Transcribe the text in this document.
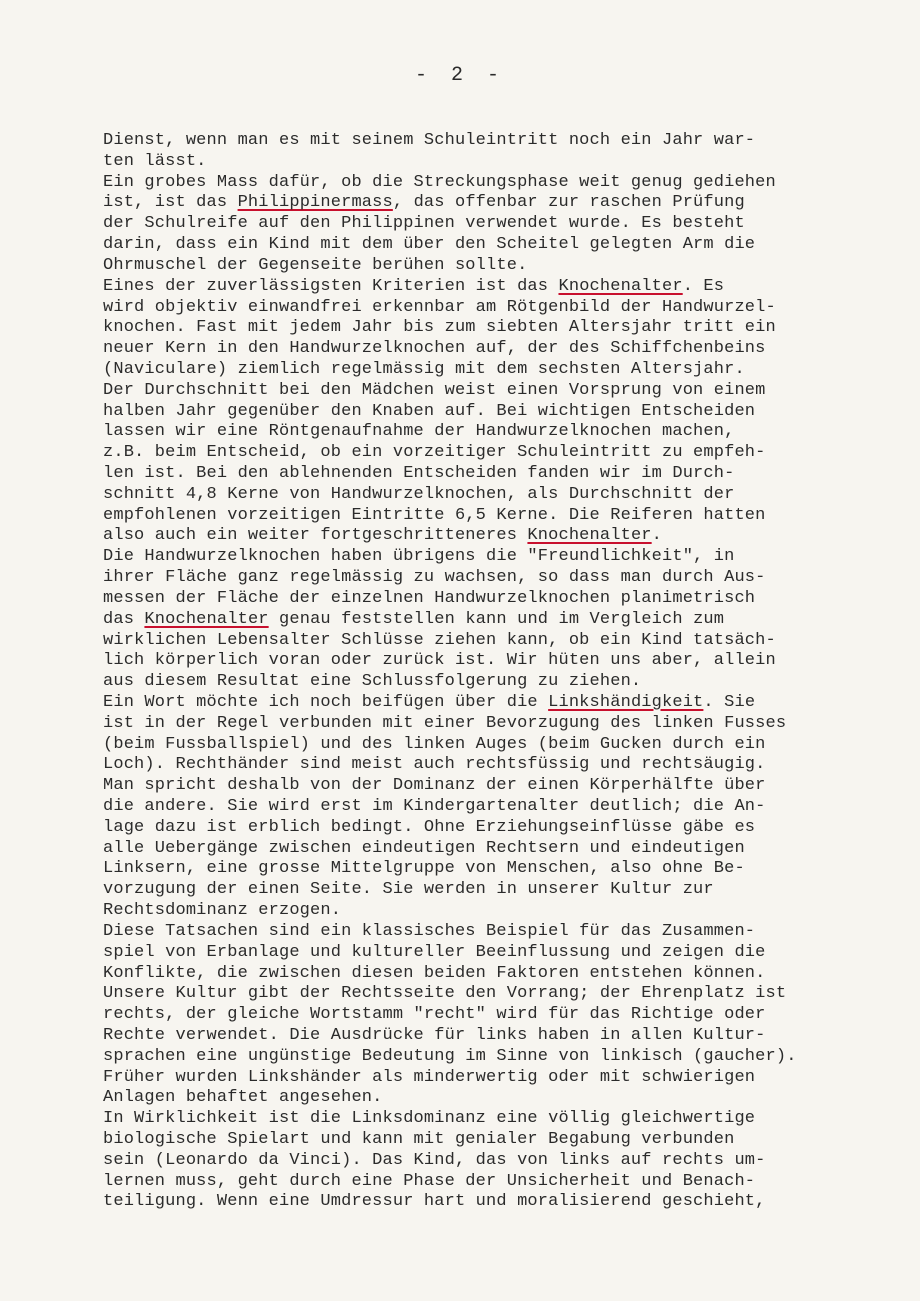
- 2 -
Dienst, wenn man es mit seinem Schuleintritt noch ein Jahr war-
ten lässt.
Ein grobes Mass dafür, ob die Streckungsphase weit genug gediehen
ist, ist das Philippinermass, das offenbar zur raschen Prüfung
der Schulreife auf den Philippinen verwendet wurde. Es besteht
darin, dass ein Kind mit dem über den Scheitel gelegten Arm die
Ohrmuschel der Gegenseite berühen sollte.
Eines der zuverlässigsten Kriterien ist das Knochenalter. Es
wird objektiv einwandfrei erkennbar am Rötgenbild der Handwurzel-
knochen. Fast mit jedem Jahr bis zum siebten Altersjahr tritt ein
neuer Kern in den Handwurzelknochen auf, der des Schiffchenbeins
(Naviculare) ziemlich regelmässig mit dem sechsten Altersjahr.
Der Durchschnitt bei den Mädchen weist einen Vorsprung von einem
halben Jahr gegenüber den Knaben auf. Bei wichtigen Entscheiden
lassen wir eine Röntgenaufnahme der Handwurzelknochen machen,
z.B. beim Entscheid, ob ein vorzeitiger Schuleintritt zu empfeh-
len ist. Bei den ablehnenden Entscheiden fanden wir im Durch-
schnitt 4,8 Kerne von Handwurzelknochen, als Durchschnitt der
empfohlenen vorzeitigen Eintritte 6,5 Kerne. Die Reiferen hatten
also auch ein weiter fortgeschritteneres Knochenalter.
Die Handwurzelknochen haben übrigens die "Freundlichkeit", in
ihrer Fläche ganz regelmässig zu wachsen, so dass man durch Aus-
messen der Fläche der einzelnen Handwurzelknochen planimetrisch
das Knochenalter genau feststellen kann und im Vergleich zum
wirklichen Lebensalter Schlüsse ziehen kann, ob ein Kind tatsäch-
lich körperlich voran oder zurück ist. Wir hüten uns aber, allein
aus diesem Resultat eine Schlussfolgerung zu ziehen.
Ein Wort möchte ich noch beifügen über die Linkshändigkeit. Sie
ist in der Regel verbunden mit einer Bevorzugung des linken Fusses
(beim Fussballspiel) und des linken Auges (beim Gucken durch ein
Loch). Rechthänder sind meist auch rechtsfüssig und rechtsäugig.
Man spricht deshalb von der Dominanz der einen Körperhälfte über
die andere. Sie wird erst im Kindergartenalter deutlich; die An-
lage dazu ist erblich bedingt. Ohne Erziehungseinflüsse gäbe es
alle Uebergänge zwischen eindeutigen Rechtsern und eindeutigen
Linksern, eine grosse Mittelgruppe von Menschen, also ohne Be-
vorzugung der einen Seite. Sie werden in unserer Kultur zur
Rechtsdominanz erzogen.
Diese Tatsachen sind ein klassisches Beispiel für das Zusammen-
spiel von Erbanlage und kultureller Beeinflussung und zeigen die
Konflikte, die zwischen diesen beiden Faktoren entstehen können.
Unsere Kultur gibt der Rechtsseite den Vorrang; der Ehrenplatz ist
rechts, der gleiche Wortstamm "recht" wird für das Richtige oder
Rechte verwendet. Die Ausdrücke für links haben in allen Kultur-
sprachen eine ungünstige Bedeutung im Sinne von linkisch (gaucher).
Früher wurden Linkshänder als minderwertig oder mit schwierigen
Anlagen behaftet angesehen.
In Wirklichkeit ist die Linksdominanz eine völlig gleichwertige
biologische Spielart und kann mit genialer Begabung verbunden
sein (Leonardo da Vinci). Das Kind, das von links auf rechts um-
lernen muss, geht durch eine Phase der Unsicherheit und Benach-
teiligung. Wenn eine Umdressur hart und moralisierend geschieht,
